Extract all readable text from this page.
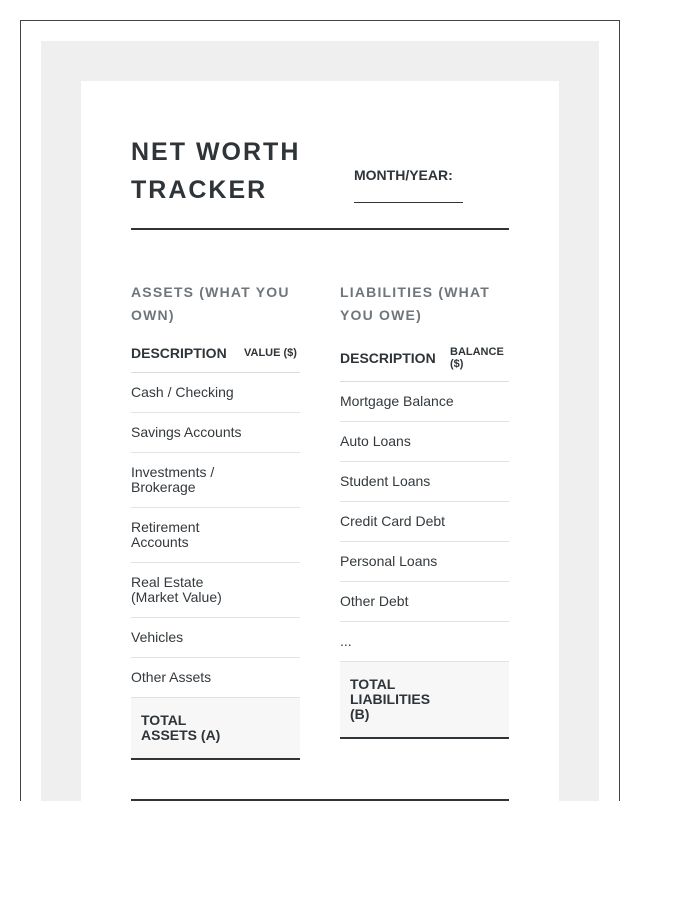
NET WORTH
TRACKER
MONTH/YEAR:
ASSETS (WHAT YOU
OWN)
DESCRIPTION VALUE ($)
Cash / Checking
Savings Accounts
Investments /
Brokerage
Retirement
Accounts
Real Estate
(Market Value)
Vehicles
Other Assets
TOTAL
ASSETS (A)
LIABILITIES (WHAT
YOU OWE)
DESCRIPTION BALANCE ($)
Mortgage Balance
Auto Loans
Student Loans
Credit Card Debt
Personal Loans
Other Debt
...
TOTAL
LIABILITIES
(B)
